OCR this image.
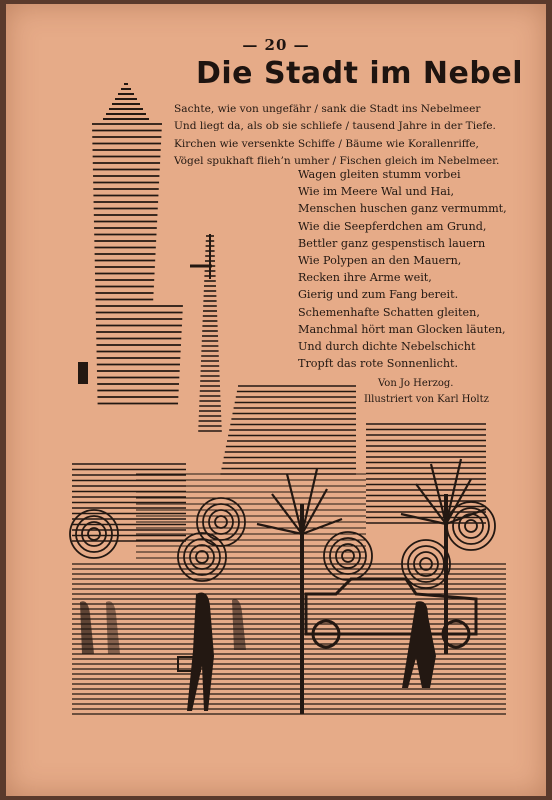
— 20 —
Die Stadt im Nebel
Sachte, wie von ungefähr / sank die Stadt ins Nebelmeer
Und liegt da, als ob sie schliefe / tausend Jahre in der Tiefe.
Kirchen wie versenkte Schiffe / Bäume wie Korallenriffe,
Vögel spukhaft flieh’n umher / Fischen gleich im Nebelmeer.
Wagen gleiten stumm vorbei
Wie im Meere Wal und Hai,
Menschen huschen ganz vermummt,
Wie die Seepferdchen am Grund,
Bettler ganz gespenstisch lauern
Wie Polypen an den Mauern,
Recken ihre Arme weit,
Gierig und zum Fang bereit.
Schemenhafte Schatten gleiten,
Manchmal hört man Glocken läuten,
Und durch dichte Nebelschicht
Tropft das rote Sonnenlicht.
Von Jo Herzog.
Illustriert von Karl Holtz
